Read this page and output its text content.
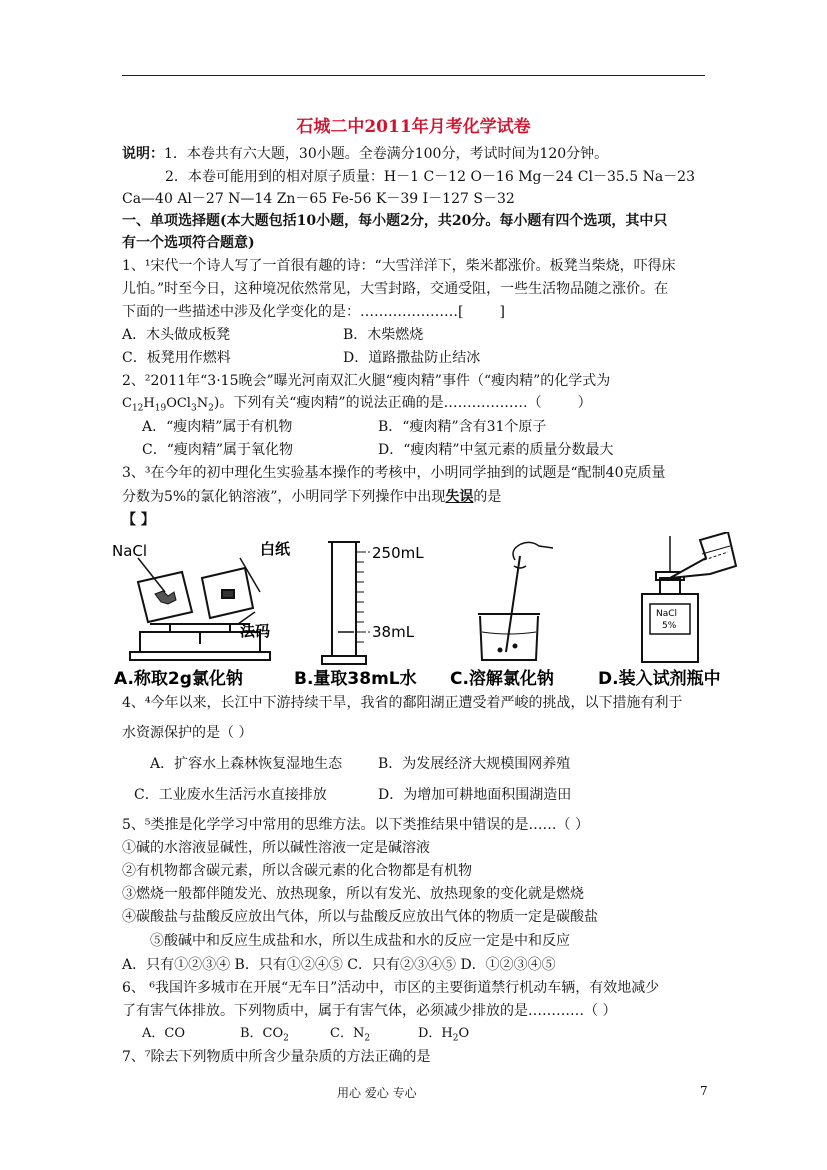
石城二中2011年月考化学试卷
说明：1．本卷共有六大题，30小题。全卷满分100分，考试时间为120分钟。
2．本卷可能用到的相对原子质量：H－1 C－12 O－16 Mg－24 Cl－35.5 Na－23
Ca—40 Al－27 N—14 Zn－65 Fe-56 K－39 I－127 S－32
一、单项选择题(本大题包括10小题，每小题2分，共20分。每小题有四个选项，其中只
有一个选项符合题意)
1、¹宋代一个诗人写了一首很有趣的诗：“大雪洋洋下，柴米都涨价。板凳当柴烧，吓得床
儿怕。”时至今日，这种境况依然常见，大雪封路，交通受阻，一些生活物品随之涨价。在
下面的一些描述中涉及化学变化的是：…………………[	]
A．木头做成板凳	B．木柴燃烧
C．板凳用作燃料	D．道路撒盐防止结冰
2、²2011年“3·15晚会”曝光河南双汇火腿“瘦肉精”事件（“瘦肉精”的化学式为
$C_{12}H_{19}OCl_3N_2$)。下列有关“瘦肉精”的说法正确的是………………（	）
A．“瘦肉精”属于有机物	B．“瘦肉精”含有31个原子
C．“瘦肉精”属于氧化物	D．“瘦肉精”中氢元素的质量分数最大
3、³在今年的初中理化生实验基本操作的考核中，小明同学抽到的试题是“配制40克质量
分数为5%的氯化钠溶液”，小明同学下列操作中出现失误的是
【 】
NaCl	白纸
法码
250mL
38mL
NaCl
5%
A.称取2g氯化钠	B.量取38mL水 C.溶解氯化钠	D.装入试剂瓶中
4、⁴今年以来，长江中下游持续干旱，我省的鄱阳湖正遭受着严峻的挑战，以下措施有利于
水资源保护的是（ ）
A．扩容水上森林恢复湿地生态	B．为发展经济大规模围网养殖
C．工业废水生活污水直接排放	D．为增加可耕地面积围湖造田
5、⁵类推是化学学习中常用的思维方法。以下类推结果中错误的是……（ ）
①碱的水溶液显碱性，所以碱性溶液一定是碱溶液
②有机物都含碳元素，所以含碳元素的化合物都是有机物
③燃烧一般都伴随发光、放热现象，所以有发光、放热现象的变化就是燃烧
④碳酸盐与盐酸反应放出气体，所以与盐酸反应放出气体的物质一定是碳酸盐
⑤酸碱中和反应生成盐和水，所以生成盐和水的反应一定是中和反应
A．只有①②③④ B．只有①②④⑤ C．只有②③④⑤ D．①②③④⑤
6、 ⁶我国许多城市在开展“无车日”活动中，市区的主要街道禁行机动车辆，有效地减少
了有害气体排放。下列物质中，属于有害气体，必须减少排放的是…………（ ）
A．CO	B．$CO_2$	C．$N_2$	D．$H_2O$
7、⁷除去下列物质中所含少量杂质的方法正确的是
用心 爱心 专心	7
